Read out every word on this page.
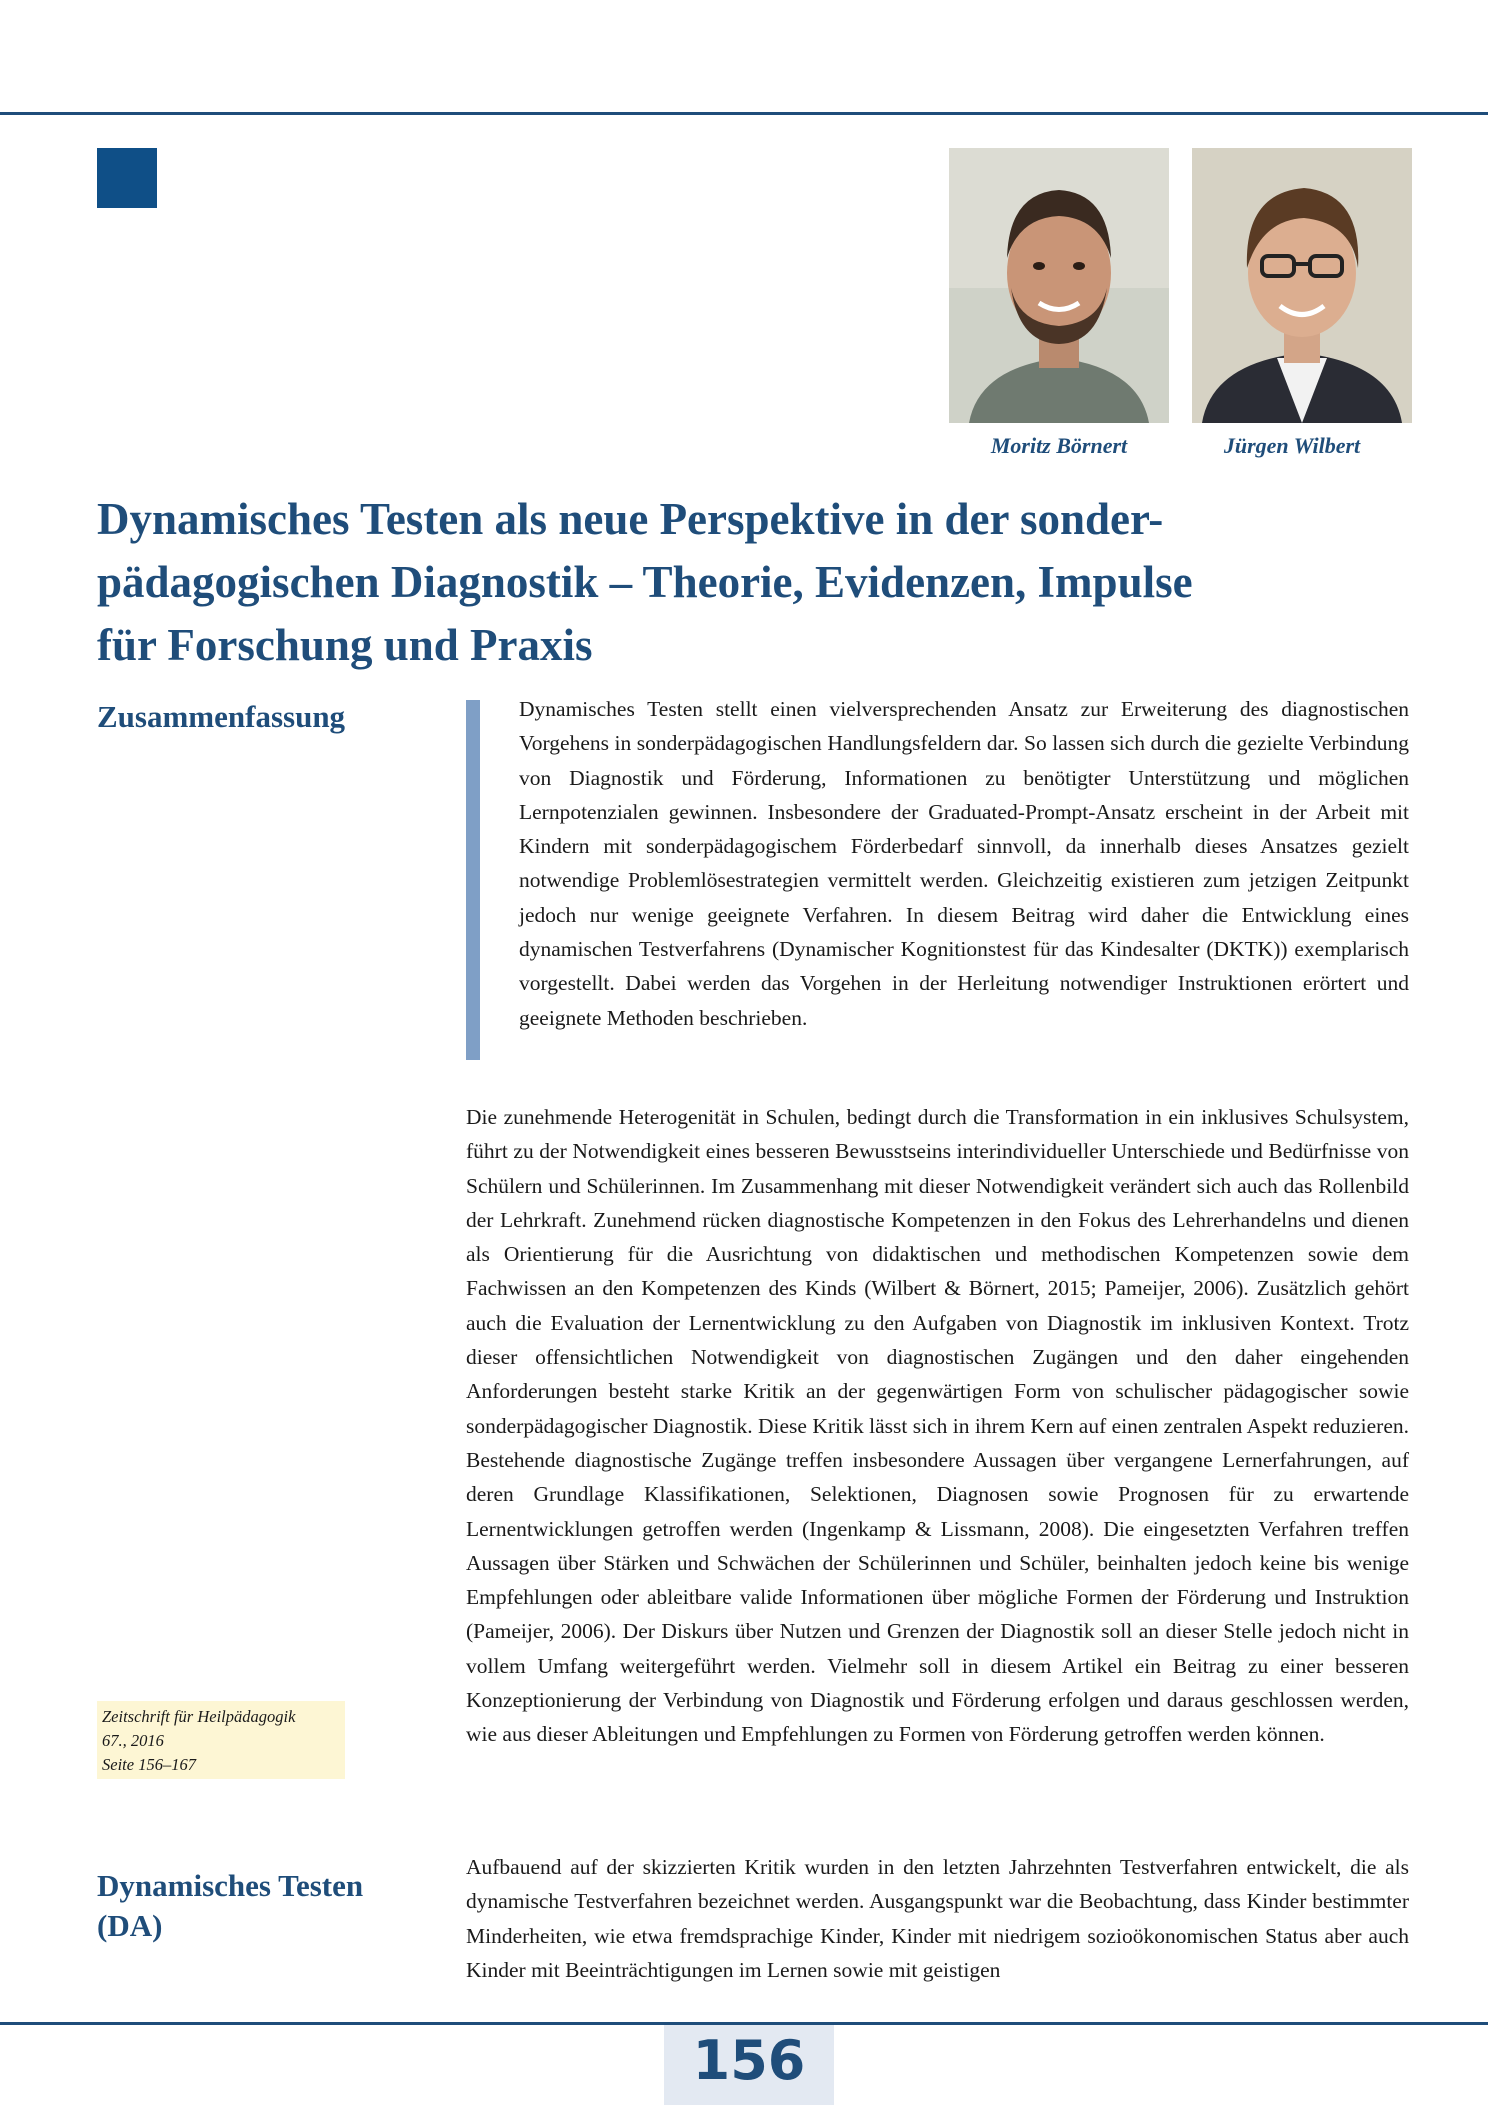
Moritz Börnert	Jürgen Wilbert
Dynamisches Testen als neue Perspektive in der sonder-
pädagogischen Diagnostik – Theorie, Evidenzen, Impulse
für Forschung und Praxis
Zusammenfassung	Dynamisches Testen stellt einen vielversprechenden Ansatz zur Erweiterung des diagnostischen Vorgehens in sonderpädagogischen Handlungsfeldern dar. So lassen sich durch die gezielte Verbindung von Diagnostik und Förderung, Informationen zu benötigter Unterstützung und möglichen Lernpotenzialen gewinnen. Insbesondere der Graduated-Prompt-Ansatz erscheint in der Arbeit mit Kindern mit sonderpädagogischem Förderbedarf sinnvoll, da innerhalb dieses Ansatzes gezielt notwendige Problemlösestrategien vermittelt werden. Gleichzeitig existieren zum jetzigen Zeitpunkt jedoch nur wenige geeignete Verfahren. In diesem Beitrag wird daher die Entwicklung eines dynamischen Testverfahrens (Dynamischer Kognitionstest für das Kindesalter (DKTK)) exemplarisch vorgestellt. Dabei werden das Vorgehen in der Herleitung notwendiger Instruktionen erörtert und geeignete Methoden beschrieben.

Die zunehmende Heterogenität in Schulen, bedingt durch die Transformation in ein inklusives Schulsystem, führt zu der Notwendigkeit eines besseren Bewusstseins interindividueller Unterschiede und Bedürfnisse von Schülern und Schülerinnen. Im Zusammenhang mit dieser Notwendigkeit verändert sich auch das Rollenbild der Lehrkraft. Zunehmend rücken diagnostische Kompetenzen in den Fokus des Lehrerhandelns und dienen als Orientierung für die Ausrichtung von didaktischen und methodischen Kompetenzen sowie dem Fachwissen an den Kompetenzen des Kinds (Wilbert & Börnert, 2015; Pameijer, 2006). Zusätzlich gehört auch die Evaluation der Lernentwicklung zu den Aufgaben von Diagnostik im inklusiven Kontext. Trotz dieser offensichtlichen Notwendigkeit von diagnostischen Zugängen und den daher eingehenden Anforderungen besteht starke Kritik an der gegenwärtigen Form von schulischer pädagogischer sowie sonderpädagogischer Diagnostik. Diese Kritik lässt sich in ihrem Kern auf einen zentralen Aspekt reduzieren. Bestehende diagnostische Zugänge treffen insbesondere Aussagen über vergangene Lernerfahrungen, auf deren Grundlage Klassifikationen, Selektionen, Diagnosen sowie Prognosen für zu erwartende Lernentwicklungen getroffen werden (Ingenkamp & Lissmann, 2008). Die eingesetzten Verfahren treffen Aussagen über Stärken und Schwächen der Schülerinnen und Schüler, beinhalten jedoch keine bis wenige Empfehlungen oder ableitbare valide Informationen über mögliche Formen der Förderung und Instruktion (Pameijer, 2006). Der Diskurs über Nutzen und Grenzen der Diagnostik soll an dieser Stelle jedoch nicht in vollem Umfang weitergeführt werden. Vielmehr soll in diesem Artikel ein Beitrag zu einer besseren Konzeptionierung der Verbindung von Diagnostik und Förderung erfolgen und daraus geschlossen werden, wie aus dieser Ableitungen und Empfehlungen zu Formen von Förderung getroffen werden können.

Zeitschrift für Heilpädagogik
67., 2016
Seite 156–167
Dynamisches Testen (DA)

Aufbauend auf der skizzierten Kritik wurden in den letzten Jahrzehnten Testverfahren entwickelt, die als dynamische Testverfahren bezeichnet werden. Ausgangspunkt war die Beobachtung, dass Kinder bestimmter Minderheiten, wie etwa fremdsprachige Kinder, Kinder mit niedrigem sozioökonomischen Status aber auch Kinder mit Beeinträchtigungen im Lernen sowie mit geistigen

156
